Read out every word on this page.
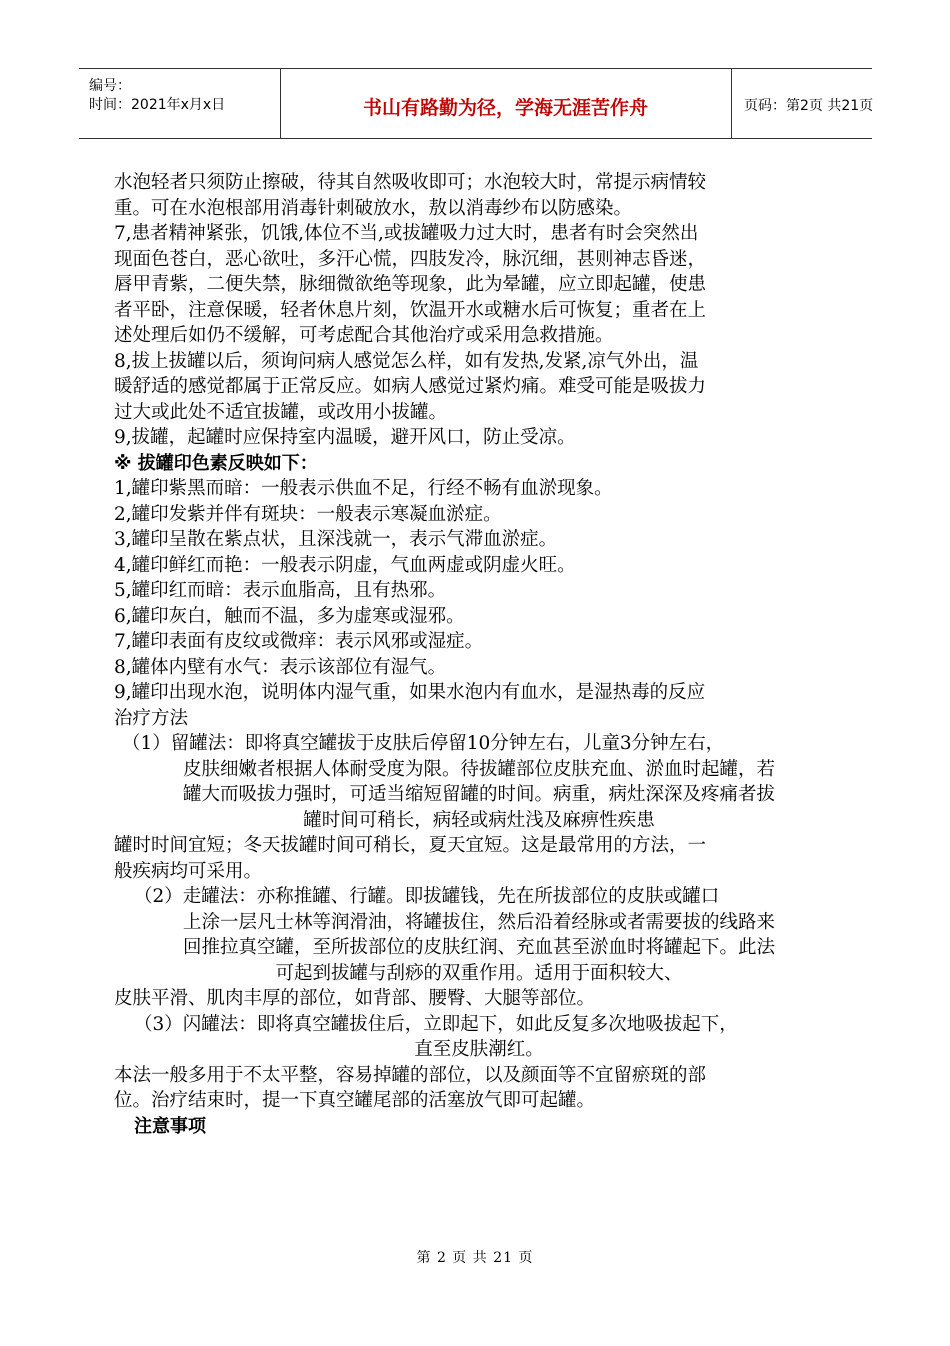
编号：
时间：2021年x月x日	书山有路勤为径，学海无涯苦作舟	页码：第2页 共21页
水泡轻者只须防止擦破，待其自然吸收即可；水泡较大时，常提示病情较
重。可在水泡根部用消毒针刺破放水，敖以消毒纱布以防感染。
7,患者精神紧张，饥饿,体位不当,或拔罐吸力过大时，患者有时会突然出
现面色苍白，恶心欲吐，多汗心慌，四肢发冷，脉沉细，甚则神志昏迷，
唇甲青紫，二便失禁，脉细微欲绝等现象，此为晕罐，应立即起罐，使患
者平卧，注意保暖，轻者休息片刻，饮温开水或糖水后可恢复；重者在上
述处理后如仍不缓解，可考虑配合其他治疗或采用急救措施。
8,拔上拔罐以后，须询问病人感觉怎么样，如有发热,发紧,凉气外出，温
暖舒适的感觉都属于正常反应。如病人感觉过紧灼痛。难受可能是吸拔力
过大或此处不适宜拔罐，或改用小拔罐。
9,拔罐，起罐时应保持室内温暖，避开风口，防止受凉。
※ 拔罐印色素反映如下：
1,罐印紫黑而暗：一般表示供血不足，行经不畅有血淤现象。
2,罐印发紫并伴有斑块：一般表示寒凝血淤症。
3,罐印呈散在紫点状，且深浅就一，表示气滞血淤症。
4,罐印鲜红而艳：一般表示阴虚，气血两虚或阴虚火旺。
5,罐印红而暗：表示血脂高，且有热邪。
6,罐印灰白，触而不温，多为虚寒或湿邪。
7,罐印表面有皮纹或微痒：表示风邪或湿症。
8,罐体内壁有水气：表示该部位有湿气。
9,罐印出现水泡，说明体内湿气重，如果水泡内有血水，是湿热毒的反应
治疗方法
（1）留罐法：即将真空罐拔于皮肤后停留10分钟左右，儿童3分钟左右，
皮肤细嫩者根据人体耐受度为限。待拔罐部位皮肤充血、淤血时起罐，若
罐大而吸拔力强时，可适当缩短留罐的时间。病重，病灶深深及疼痛者拔
罐时间可稍长，病轻或病灶浅及麻痹性疾患
罐时时间宜短；冬天拔罐时间可稍长，夏天宜短。这是最常用的方法，一
般疾病均可采用。
（2）走罐法：亦称推罐、行罐。即拔罐钱，先在所拔部位的皮肤或罐口
上涂一层凡士林等润滑油，将罐拔住，然后沿着经脉或者需要拔的线路来
回推拉真空罐，至所拔部位的皮肤红润、充血甚至淤血时将罐起下。此法
可起到拔罐与刮痧的双重作用。适用于面积较大、
皮肤平滑、肌肉丰厚的部位，如背部、腰臀、大腿等部位。
（3）闪罐法：即将真空罐拔住后，立即起下，如此反复多次地吸拔起下，
直至皮肤潮红。
本法一般多用于不太平整，容易掉罐的部位，以及颜面等不宜留瘀斑的部
位。治疗结束时，提一下真空罐尾部的活塞放气即可起罐。
注意事项
第 2 页 共 21 页
